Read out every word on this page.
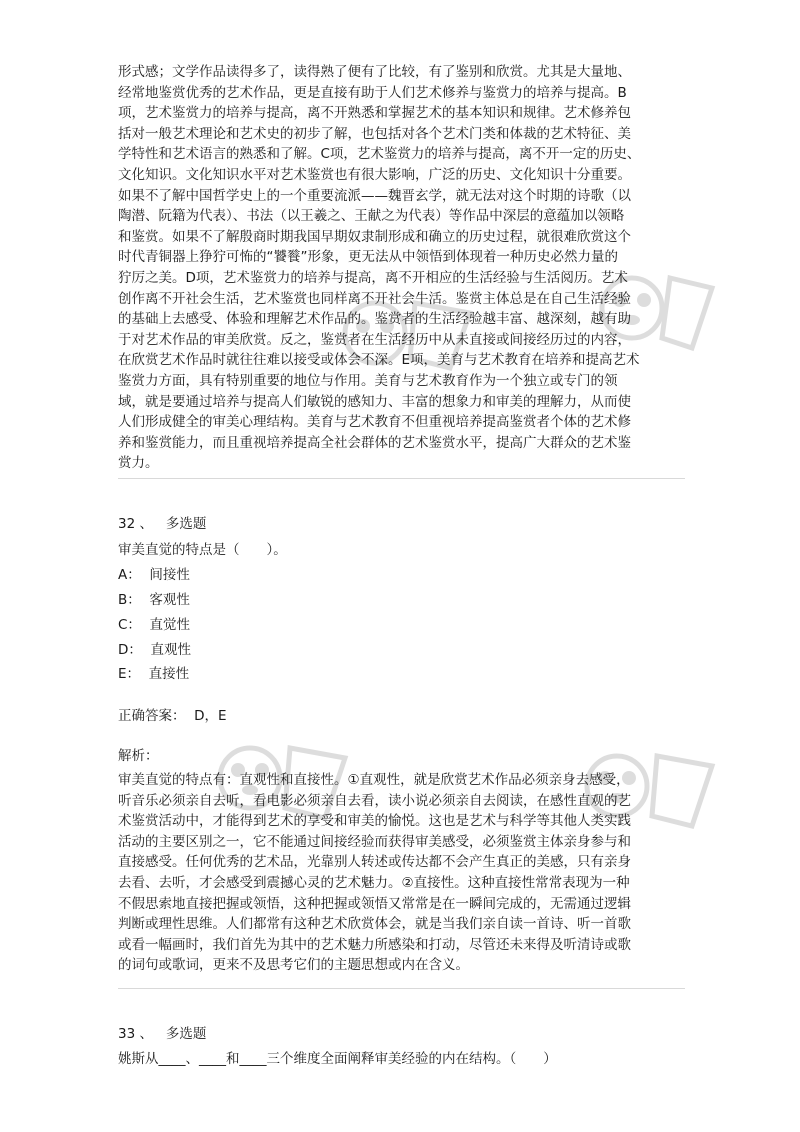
形式感；文学作品读得多了，读得熟了便有了比较，有了鉴别和欣赏。尤其是大量地、
经常地鉴赏优秀的艺术作品，更是直接有助于人们艺术修养与鉴赏力的培养与提高。B
项，艺术鉴赏力的培养与提高，离不开熟悉和掌握艺术的基本知识和规律。艺术修养包
括对一般艺术理论和艺术史的初步了解，也包括对各个艺术门类和体裁的艺术特征、美
学特性和艺术语言的熟悉和了解。C项，艺术鉴赏力的培养与提高，离不开一定的历史、
文化知识。文化知识水平对艺术鉴赏也有很大影响，广泛的历史、文化知识十分重要。
如果不了解中国哲学史上的一个重要流派——魏晋玄学，就无法对这个时期的诗歌（以
陶潜、阮籍为代表）、书法（以王羲之、王献之为代表）等作品中深层的意蕴加以领略
和鉴赏。如果不了解殷商时期我国早期奴隶制形成和确立的历史过程，就很难欣赏这个
时代青铜器上狰狞可怖的“饕餮”形象，更无法从中领悟到体现着一种历史必然力量的
狞厉之美。D项，艺术鉴赏力的培养与提高，离不开相应的生活经验与生活阅历。艺术
创作离不开社会生活，艺术鉴赏也同样离不开社会牛活。鉴赏主体总是在自己生活经验
的基础上去感受、体验和理解艺术作品的。鉴赏者的生活经验越丰富、越深刻，越有助
于对艺术作品的审美欣赏。反之，鉴赏者在生活经历中从未直接或间接经历过的内容，
在欣赏艺术作品时就往往难以接受或体会不深。E项，美育与艺术教育在培养和提高艺术
鉴赏力方面，具有特别重要的地位与作用。美育与艺术教育作为一个独立或专门的领
域，就是要通过培养与提高人们敏锐的感知力、丰富的想象力和审美的理解力，从而使
人们形成健全的审美心理结构。美育与艺术教育不但重视培养提高鉴赏者个体的艺术修
养和鉴赏能力，而且重视培养提高全社会群体的艺术鉴赏水平，提高广大群众的艺术鉴
赏力。
32 、 多选题
审美直觉的特点是（　　）。
A： 间接性
B： 客观性
C： 直觉性
D： 直观性
E： 直接性
正确答案： D，E
解析：
审美直觉的特点有：直观性和直接性。①直观性，就是欣赏艺术作品必须亲身去感受，
听音乐必须亲自去听，看电影必须亲自去看，读小说必须亲自去阅读，在感性直观的艺
术鉴赏活动中，才能得到艺术的享受和审美的愉悦。这也是艺术与科学等其他人类实践
活动的主要区别之一，它不能通过间接经验而获得审美感受，必须鉴赏主体亲身参与和
直接感受。任何优秀的艺术品，光靠别人转述或传达都不会产生真正的美感，只有亲身
去看、去听，才会感受到震撼心灵的艺术魅力。②直接性。这种直接性常常表现为一种
不假思索地直接把握或领悟，这种把握或领悟又常常是在一瞬间完成的，无需通过逻辑
判断或理性思维。人们都常有这种艺术欣赏体会，就是当我们亲自读一首诗、听一首歌
或看一幅画时，我们首先为其中的艺术魅力所感染和打动，尽管还未来得及听清诗或歌
的词句或歌词，更来不及思考它们的主题思想或内在含义。
33 、 多选题
姚斯从____、____和____三个维度全面阐释审美经验的内在结构。（　　）
